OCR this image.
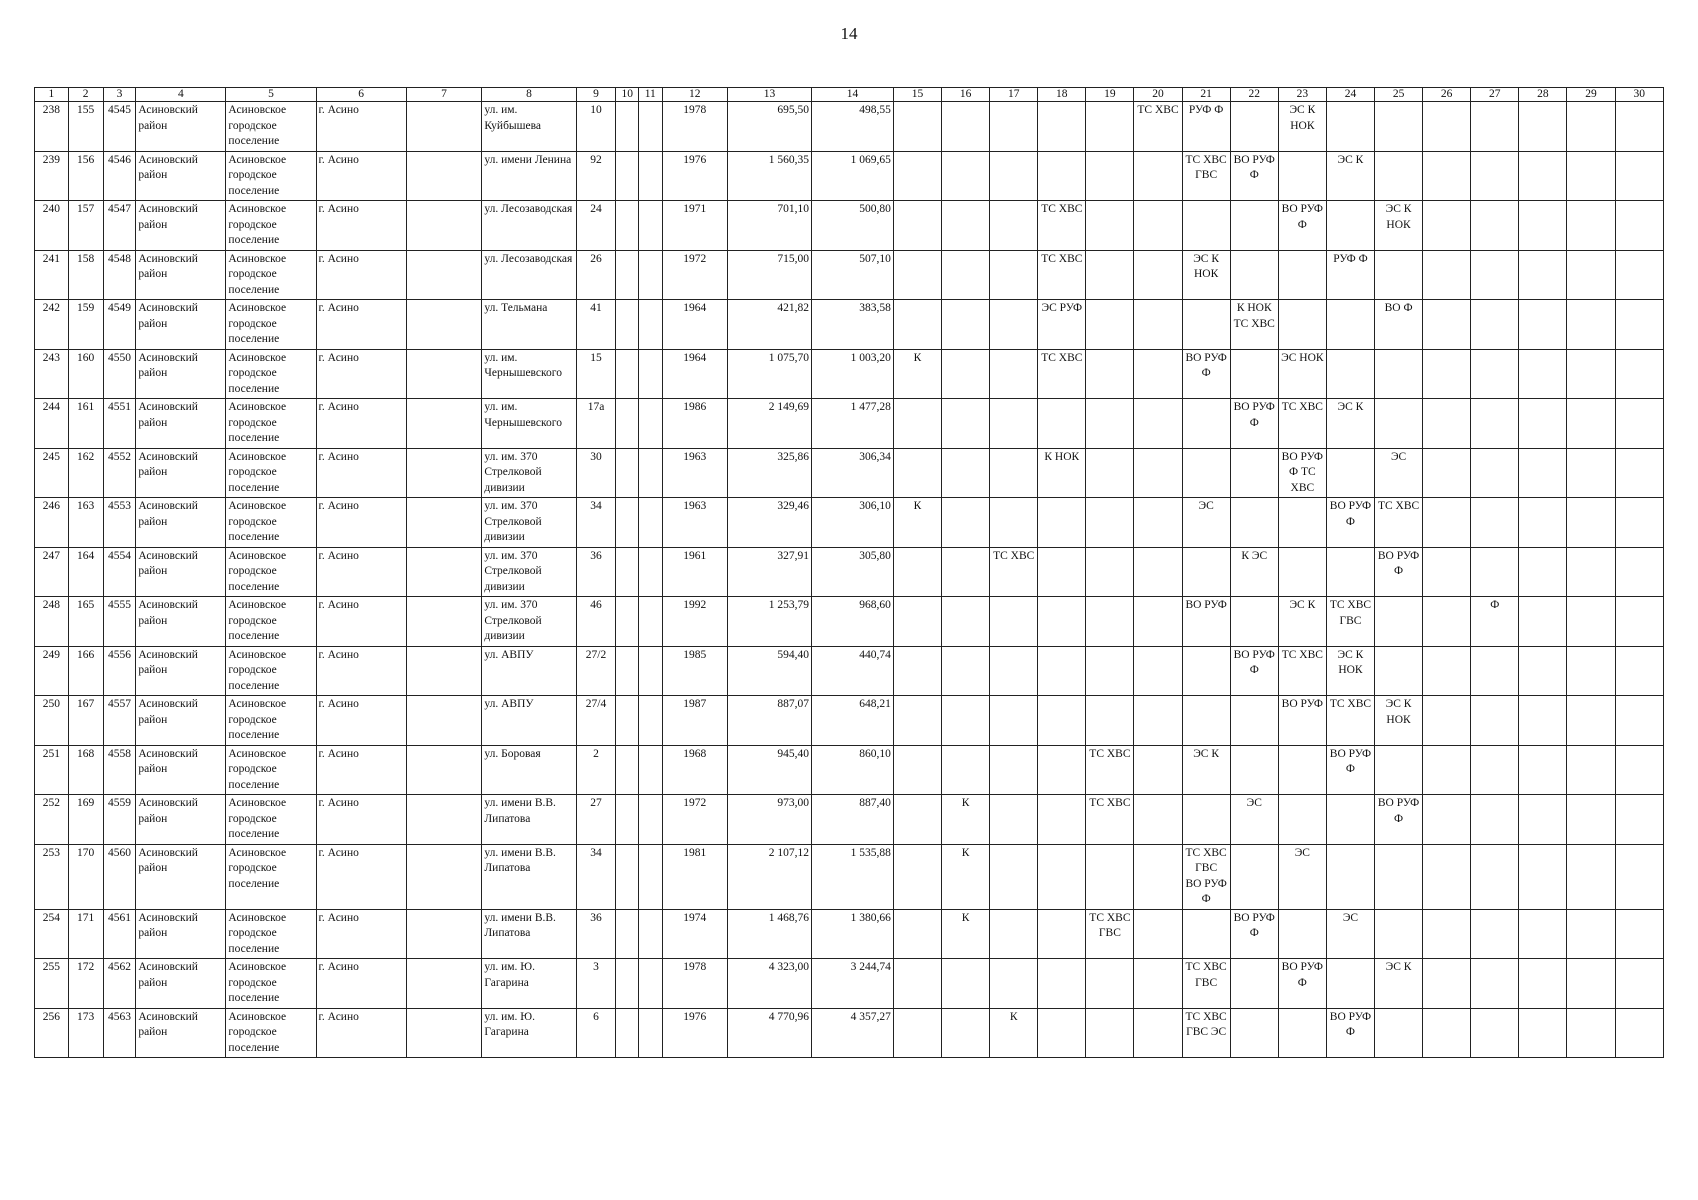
14
1	2	3	4	5	6	7	8	9	10	11	12	13	14	15	16	17	18	19	20	21	22	23	24	25	26	27	28	29	30
238	155	4545	Асиновский район	Асиновское городское поселение	г. Асино		ул. им. Куйбышева	10			1978	695,50	498,55						ТС ХВС	РУФ Ф		ЭС К
НОК							

239	156	4546	Асиновский район	Асиновское городское поселение	г. Асино		ул. имени Ленина	92			1976	1 560,35	1 069,65							ТС ХВС
ГВС	ВО РУФ
Ф		ЭС К						

240	157	4547	Асиновский район	Асиновское городское поселение	г. Асино		ул. Лесозаводская	24			1971	701,10	500,80				ТС ХВС					ВО РУФ
Ф		ЭС К
НОК					

241	158	4548	Асиновский район	Асиновское городское поселение	г. Асино		ул. Лесозаводская	26			1972	715,00	507,10				ТС ХВС			ЭС К
НОК			РУФ Ф						

242	159	4549	Асиновский район	Асиновское городское поселение	г. Асино		ул. Тельмана	41			1964	421,82	383,58				ЭС РУФ				К НОК
ТС ХВС			ВО Ф					

243	160	4550	Асиновский район	Асиновское городское поселение	г. Асино		ул. им. Чернышевского	15			1964	1 075,70	1 003,20	К			ТС ХВС			ВО РУФ
Ф		ЭС НОК							

244	161	4551	Асиновский район	Асиновское городское поселение	г. Асино		ул. им. Чернышевского	17а			1986	2 149,69	1 477,28								ВО РУФ
Ф	ТС ХВС	ЭС К						

245	162	4552	Асиновский район	Асиновское городское поселение	г. Асино		ул. им. 370 Стрелковой дивизии	30			1963	325,86	306,34				К НОК					ВО РУФ
Ф ТС
ХВС		ЭС					

246	163	4553	Асиновский район	Асиновское городское поселение	г. Асино		ул. им. 370 Стрелковой дивизии	34			1963	329,46	306,10	К						ЭС			ВО РУФ
Ф	ТС ХВС					

247	164	4554	Асиновский район	Асиновское городское поселение	г. Асино		ул. им. 370 Стрелковой дивизии	36			1961	327,91	305,80			ТС ХВС					К ЭС			ВО РУФ
Ф					

248	165	4555	Асиновский район	Асиновское городское поселение	г. Асино		ул. им. 370 Стрелковой дивизии	46			1992	1 253,79	968,60							ВО РУФ		ЭС К	ТС ХВС
ГВС			Ф			

249	166	4556	Асиновский район	Асиновское городское поселение	г. Асино		ул. АВПУ	27/2			1985	594,40	440,74								ВО РУФ
Ф	ТС ХВС	ЭС К
НОК						

250	167	4557	Асиновский район	Асиновское городское поселение	г. Асино		ул. АВПУ	27/4			1987	887,07	648,21									ВО РУФ	ТС ХВС	ЭС К
НОК					

251	168	4558	Асиновский район	Асиновское городское поселение	г. Асино		ул. Боровая	2			1968	945,40	860,10					ТС ХВС		ЭС К			ВО РУФ
Ф						

252	169	4559	Асиновский район	Асиновское городское поселение	г. Асино		ул. имени В.В. Липатова	27			1972	973,00	887,40		К			ТС ХВС			ЭС			ВО РУФ
Ф					

253	170	4560	Асиновский район	Асиновское городское поселение	г. Асино		ул. имени В.В. Липатова	34			1981	2 107,12	1 535,88		К					ТС ХВС
ГВС
ВО РУФ
Ф		ЭС							

254	171	4561	Асиновский район	Асиновское городское поселение	г. Асино		ул. имени В.В. Липатова	36			1974	1 468,76	1 380,66		К			ТС ХВС
ГВС			ВО РУФ
Ф		ЭС						

255	172	4562	Асиновский район	Асиновское городское поселение	г. Асино		ул. им. Ю. Гагарина	3			1978	4 323,00	3 244,74							ТС ХВС
ГВС		ВО РУФ
Ф		ЭС К					

256	173	4563	Асиновский район	Асиновское городское поселение	г. Асино		ул. им. Ю. Гагарина	6			1976	4 770,96	4 357,27			К				ТС ХВС
ГВС ЭС			ВО РУФ
Ф						
